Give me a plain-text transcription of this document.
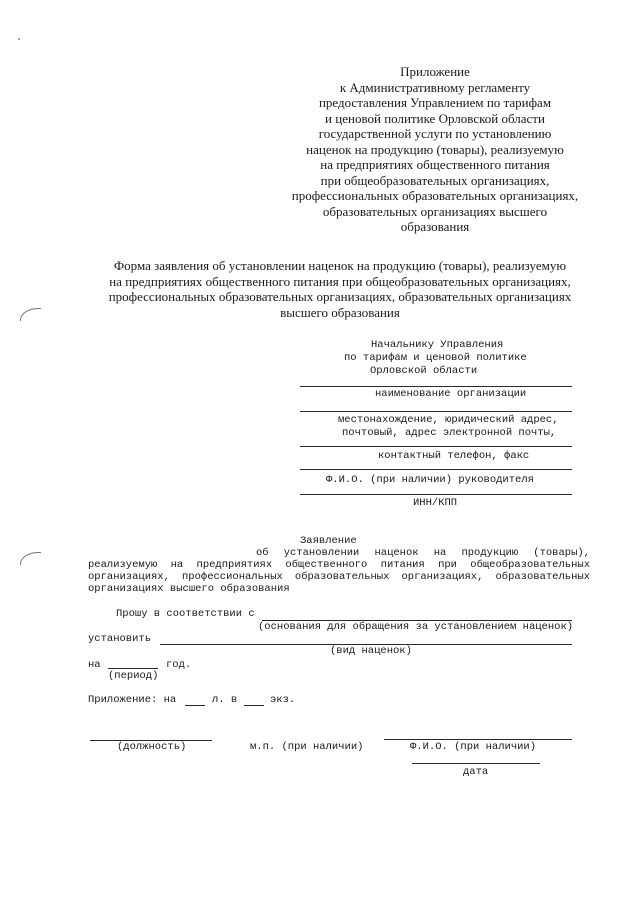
Приложение
к Административному регламенту
предоставления Управлением по тарифам
и ценовой политике Орловской области
государственной услуги по установлению
наценок на продукцию (товары), реализуемую
на предприятиях общественного питания
при общеобразовательных организациях,
профессиональных образовательных организациях,
образовательных организациях высшего
образования
Форма заявления об установлении наценок на продукцию (товары), реализуемую
на предприятиях общественного питания при общеобразовательных организациях,
профессиональных образовательных организациях, образовательных организациях
высшего образования
Начальнику Управления
по тарифам и ценовой политике
Орловской области
наименование организации
местонахождение, юридический адрес,
почтовый, адрес электронной почты,
контактный телефон, факс
Ф.И.О. (при наличии) руководителя
ИНН/КПП
Заявление
об установлении наценок на продукцию (товары),
реализуемую на предприятиях общественного питания при общеобразовательных
организациях, профессиональных образовательных организациях, образовательных
организациях высшего образования
Прошу в соответствии с
(основания для обращения за установлением наценок)
установить
(вид наценок)
на	год.
(период)
Приложение: на	л. в	экз.
(должность)	м.п. (при наличии)	Ф.И.О. (при наличии)
дата
